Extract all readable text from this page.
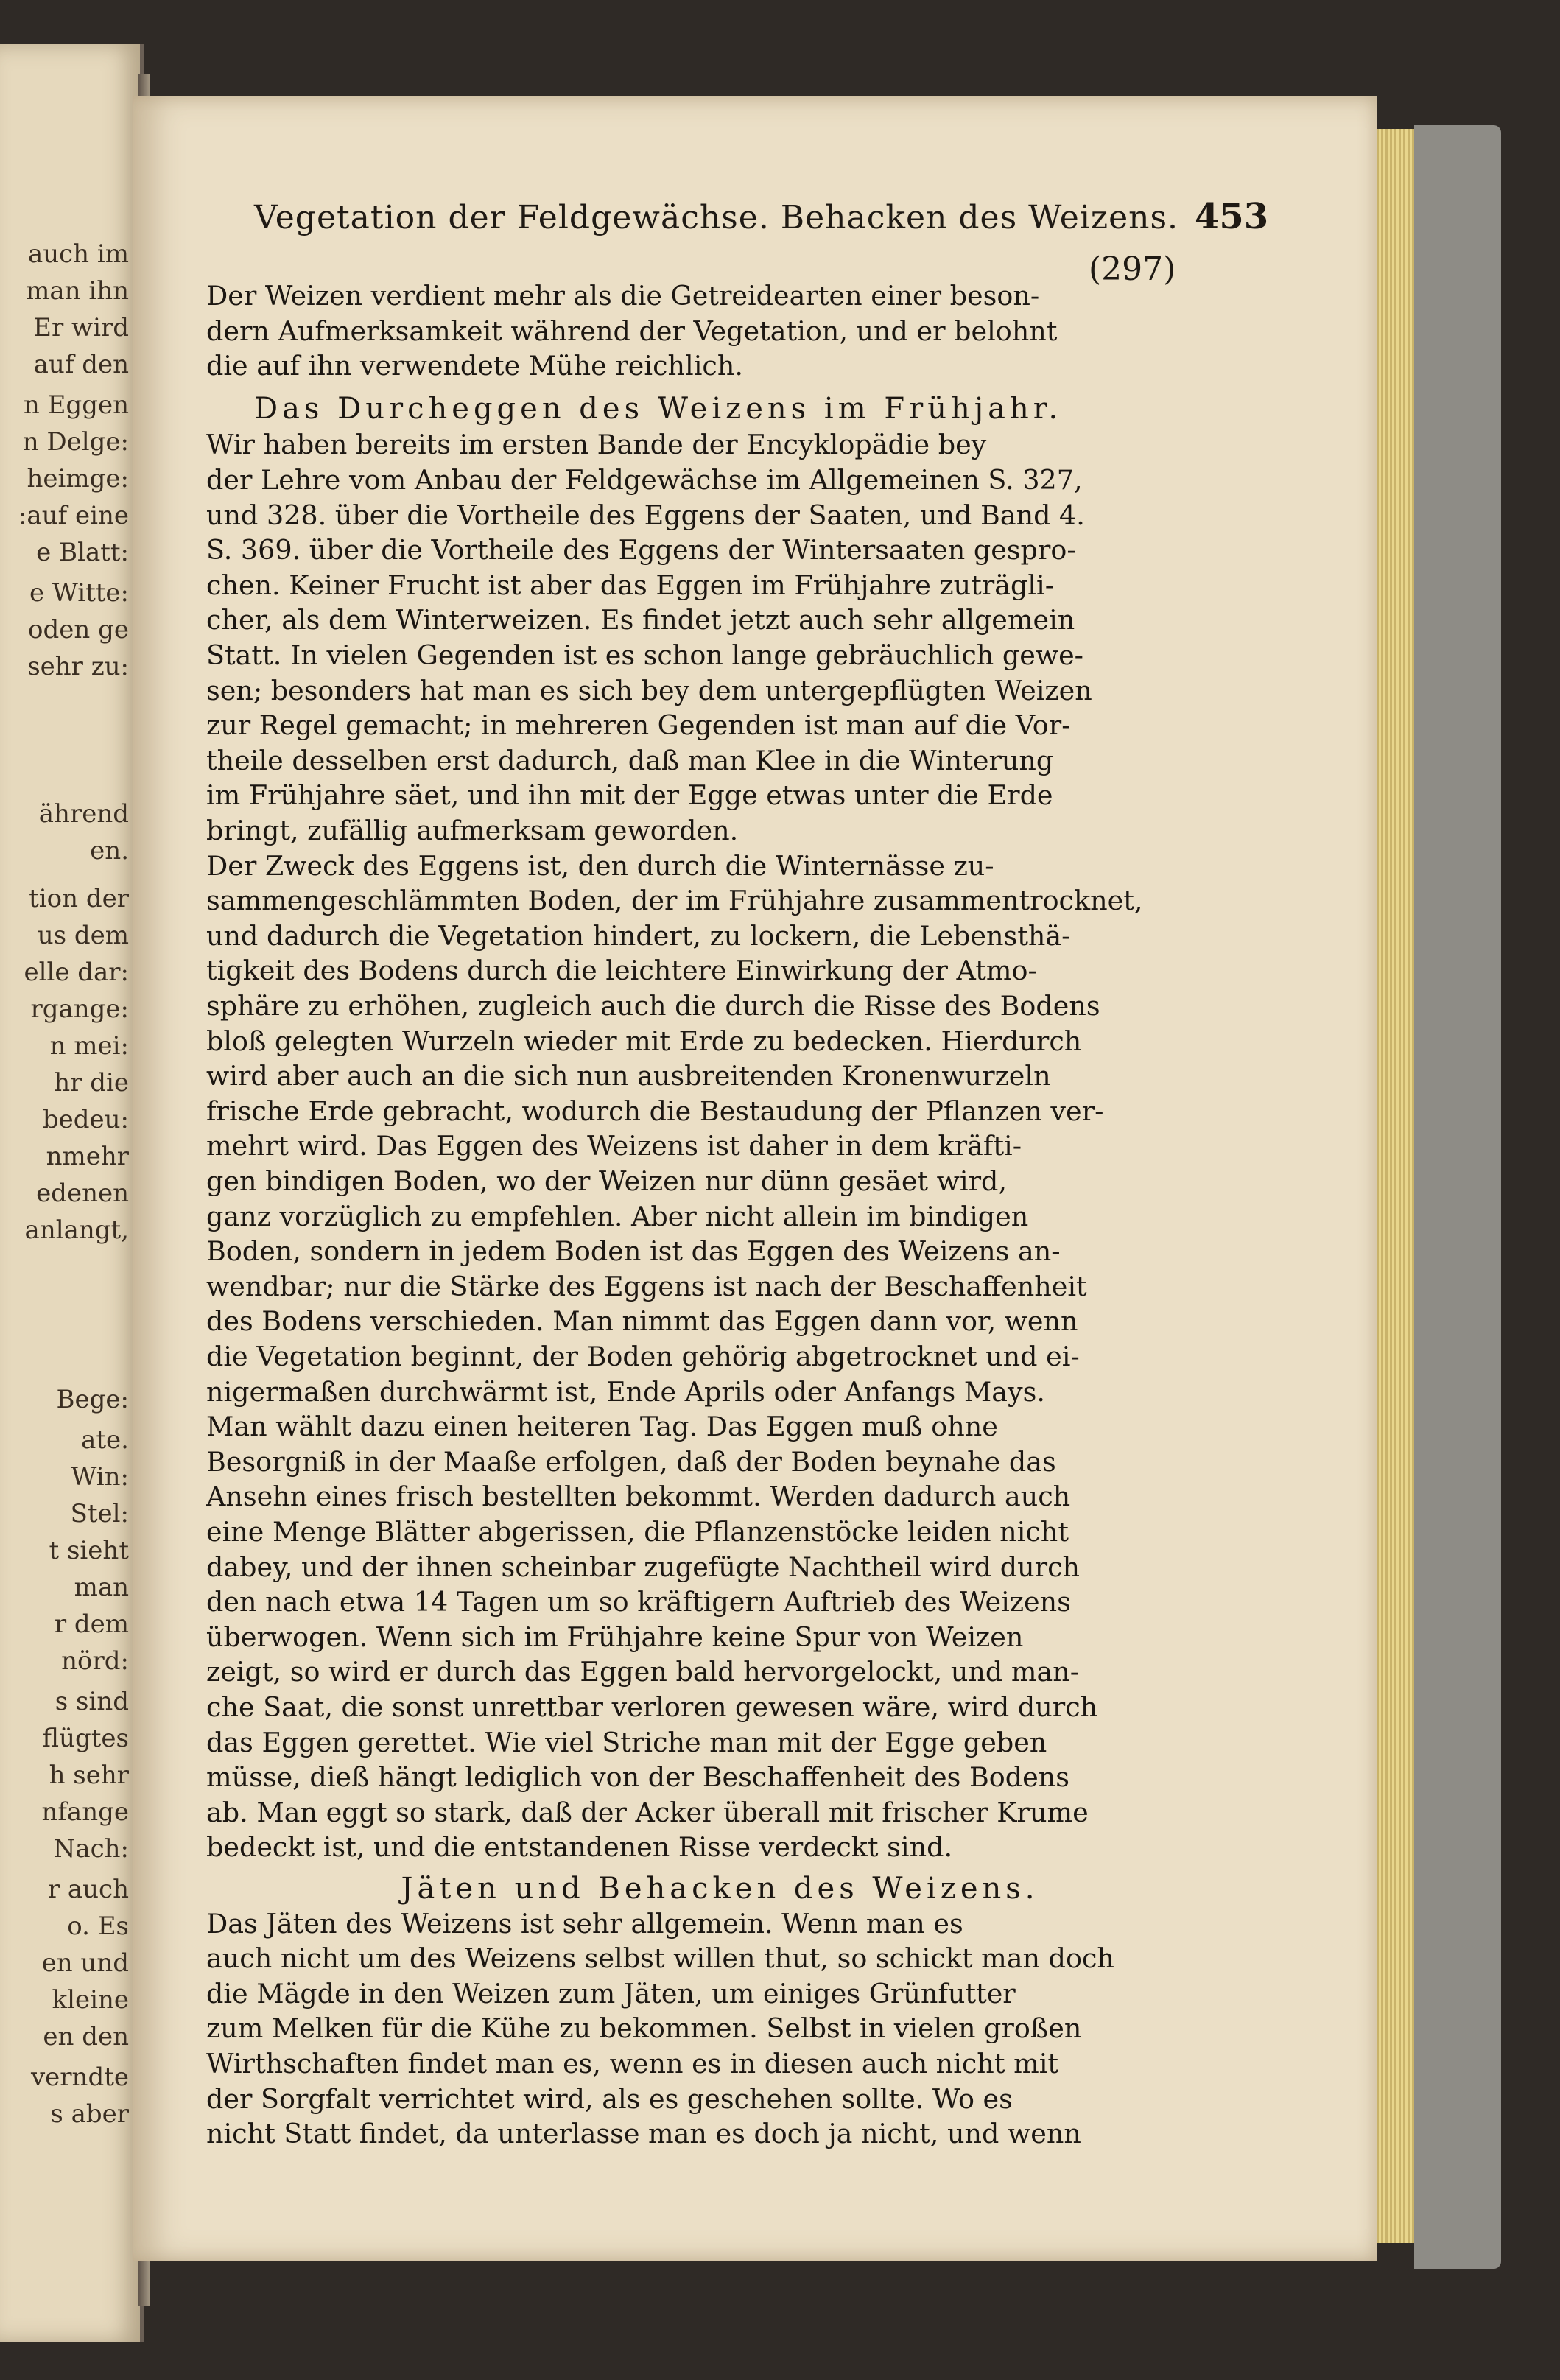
auch im
man ihn
Er wird
auf den
n Eggen
n Delge:
heimge:
:auf eine
e Blatt:
e Witte:
oden ge
sehr zu:
ährend
en.
tion der
us dem
elle dar:
rgange:
n mei:
hr die
bedeu:
nmehr
edenen
anlangt,
Bege:
ate.
Win:
Stel:
t sieht
man
r dem
nörd:
s sind
flügtes
h sehr
nfange
Nach:
r auch
o. Es
en und
kleine
en den
verndte
s aber
Vegetation der Feldgewächse. Behacken des Weizens. 453
(297)
Der Weizen verdient mehr als die Getreidearten einer beson-
dern Aufmerksamkeit während der Vegetation, und er belohnt
die auf ihn verwendete Mühe reichlich.
Das Durcheggen des Weizens im Frühjahr.
Wir haben bereits im ersten Bande der Encyklopädie bey
der Lehre vom Anbau der Feldgewächse im Allgemeinen S. 327,
und 328. über die Vortheile des Eggens der Saaten, und Band 4.
S. 369. über die Vortheile des Eggens der Wintersaaten gespro-
chen. Keiner Frucht ist aber das Eggen im Frühjahre zuträgli-
cher, als dem Winterweizen. Es findet jetzt auch sehr allgemein
Statt. In vielen Gegenden ist es schon lange gebräuchlich gewe-
sen; besonders hat man es sich bey dem untergepflügten Weizen
zur Regel gemacht; in mehreren Gegenden ist man auf die Vor-
theile desselben erst dadurch, daß man Klee in die Winterung
im Frühjahre säet, und ihn mit der Egge etwas unter die Erde
bringt, zufällig aufmerksam geworden.
Der Zweck des Eggens ist, den durch die Winternässe zu-
sammengeschlämmten Boden, der im Frühjahre zusammentrocknet,
und dadurch die Vegetation hindert, zu lockern, die Lebensthä-
tigkeit des Bodens durch die leichtere Einwirkung der Atmo-
sphäre zu erhöhen, zugleich auch die durch die Risse des Bodens
bloß gelegten Wurzeln wieder mit Erde zu bedecken. Hierdurch
wird aber auch an die sich nun ausbreitenden Kronenwurzeln
frische Erde gebracht, wodurch die Bestaudung der Pflanzen ver-
mehrt wird. Das Eggen des Weizens ist daher in dem kräfti-
gen bindigen Boden, wo der Weizen nur dünn gesäet wird,
ganz vorzüglich zu empfehlen. Aber nicht allein im bindigen
Boden, sondern in jedem Boden ist das Eggen des Weizens an-
wendbar; nur die Stärke des Eggens ist nach der Beschaffenheit
des Bodens verschieden. Man nimmt das Eggen dann vor, wenn
die Vegetation beginnt, der Boden gehörig abgetrocknet und ei-
nigermaßen durchwärmt ist, Ende Aprils oder Anfangs Mays.
Man wählt dazu einen heiteren Tag. Das Eggen muß ohne
Besorgniß in der Maaße erfolgen, daß der Boden beynahe das
Ansehn eines frisch bestellten bekommt. Werden dadurch auch
eine Menge Blätter abgerissen, die Pflanzenstöcke leiden nicht
dabey, und der ihnen scheinbar zugefügte Nachtheil wird durch
den nach etwa 14 Tagen um so kräftigern Auftrieb des Weizens
überwogen. Wenn sich im Frühjahre keine Spur von Weizen
zeigt, so wird er durch das Eggen bald hervorgelockt, und man-
che Saat, die sonst unrettbar verloren gewesen wäre, wird durch
das Eggen gerettet. Wie viel Striche man mit der Egge geben
müsse, dieß hängt lediglich von der Beschaffenheit des Bodens
ab. Man eggt so stark, daß der Acker überall mit frischer Krume
bedeckt ist, und die entstandenen Risse verdeckt sind.
Jäten und Behacken des Weizens.
Das Jäten des Weizens ist sehr allgemein. Wenn man es
auch nicht um des Weizens selbst willen thut, so schickt man doch
die Mägde in den Weizen zum Jäten, um einiges Grünfutter
zum Melken für die Kühe zu bekommen. Selbst in vielen großen
Wirthschaften findet man es, wenn es in diesen auch nicht mit
der Sorgfalt verrichtet wird, als es geschehen sollte. Wo es
nicht Statt findet, da unterlasse man es doch ja nicht, und wenn
